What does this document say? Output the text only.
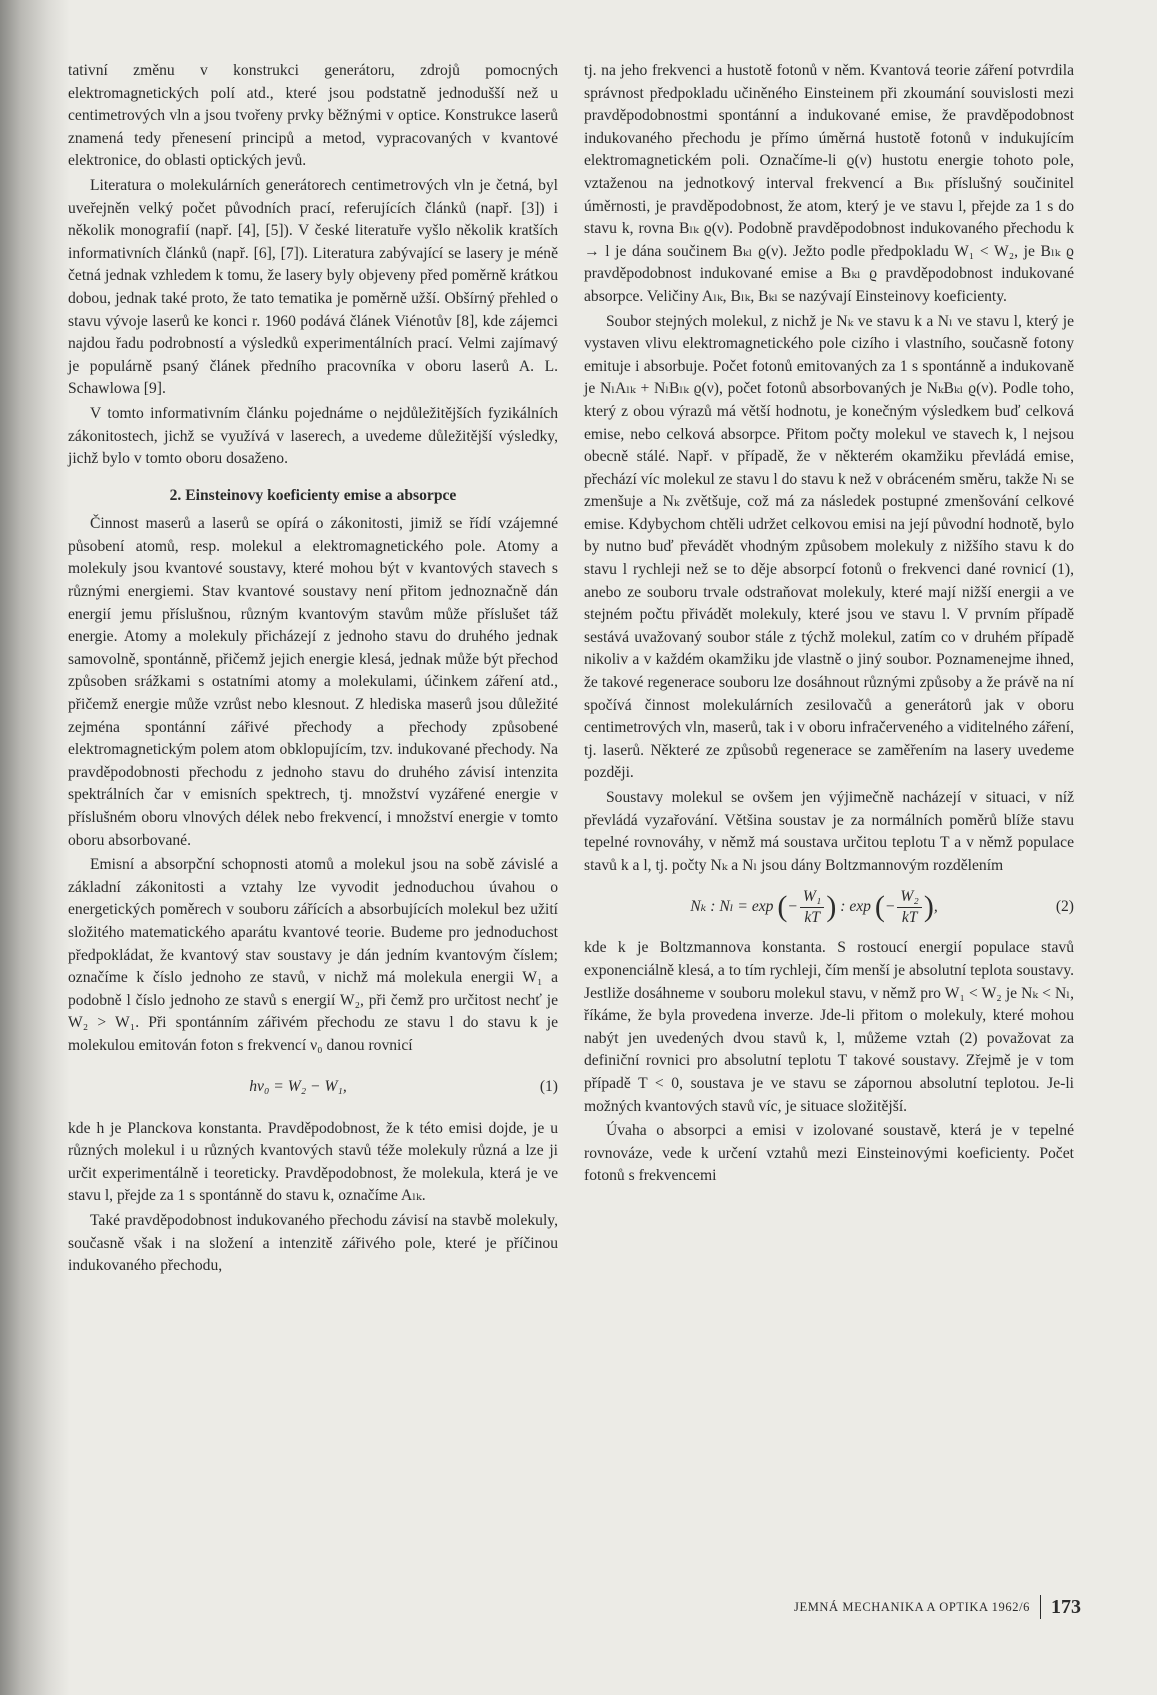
tativní změnu v konstrukci generátoru, zdrojů pomocných elektromagnetických polí atd., které jsou podstatně jednodušší než u centimetrových vln a jsou tvořeny prvky běžnými v optice. Konstrukce laserů znamená tedy přenesení principů a metod, vypracovaných v kvantové elektronice, do oblasti optických jevů.

Literatura o molekulárních generátorech centimetrových vln je četná, byl uveřejněn velký počet původních prací, referujících článků (např. [3]) i několik monografií (např. [4], [5]). V české literatuře vyšlo několik kratších informativních článků (např. [6], [7]). Literatura zabývající se lasery je méně četná jednak vzhledem k tomu, že lasery byly objeveny před poměrně krátkou dobou, jednak také proto, že tato tematika je poměrně užší. Obšírný přehled o stavu vývoje laserů ke konci r. 1960 podává článek Viénotův [8], kde zájemci najdou řadu podrobností a výsledků experimentálních prací. Velmi zajímavý je populárně psaný článek předního pracovníka v oboru laserů A. L. Schawlowa [9].

V tomto informativním článku pojednáme o nejdůležitějších fyzikálních zákonitostech, jichž se využívá v laserech, a uvedeme důležitější výsledky, jichž bylo v tomto oboru dosaženo.

2. Einsteinovy koeficienty emise a absorpce

Činnost maserů a laserů se opírá o zákonitosti, jimiž se řídí vzájemné působení atomů, resp. molekul a elektromagnetického pole. Atomy a molekuly jsou kvantové soustavy, které mohou být v kvantových stavech s různými energiemi. Stav kvantové soustavy není přitom jednoznačně dán energií jemu příslušnou, různým kvantovým stavům může příslušet táž energie. Atomy a molekuly přicházejí z jednoho stavu do druhého jednak samovolně, spontánně, přičemž jejich energie klesá, jednak může být přechod způsoben srážkami s ostatními atomy a molekulami, účinkem záření atd., přičemž energie může vzrůst nebo klesnout. Z hlediska maserů jsou důležité zejména spontánní zářivé přechody a přechody způsobené elektromagnetickým polem atom obklopujícím, tzv. indukované přechody. Na pravděpodobnosti přechodu z jednoho stavu do druhého závisí intenzita spektrálních čar v emisních spektrech, tj. množství vyzářené energie v příslušném oboru vlnových délek nebo frekvencí, i množství energie v tomto oboru absorbované.

Emisní a absorpční schopnosti atomů a molekul jsou na sobě závislé a základní zákonitosti a vztahy lze vyvodit jednoduchou úvahou o energetických poměrech v souboru zářících a absorbujících molekul bez užití složitého matematického aparátu kvantové teorie. Budeme pro jednoduchost předpokládat, že kvantový stav soustavy je dán jedním kvantovým číslem; označíme k číslo jednoho ze stavů, v nichž má molekula energii W₁ a podobně l číslo jednoho ze stavů s energií W₂, při čemž pro určitost nechť je W₂ > W₁. Při spontánním zářivém přechodu ze stavu l do stavu k je molekulou emitován foton s frekvencí ν₀ danou rovnicí

hν₀ = W₂ − W₁,	(1)

kde h je Planckova konstanta. Pravděpodobnost, že k této emisi dojde, je u různých molekul i u různých kvantových stavů téže molekuly různá a lze ji určit experimentálně i teoreticky. Pravděpodobnost, že molekula, která je ve stavu l, přejde za 1 s spontánně do stavu k, označíme Aₗₖ.

Také pravděpodobnost indukovaného přechodu závisí na stavbě molekuly, současně však i na složení a intenzitě zářivého pole, které je příčinou indukovaného přechodu,

tj. na jeho frekvenci a hustotě fotonů v něm. Kvantová teorie záření potvrdila správnost předpokladu učiněného Einsteinem při zkoumání souvislosti mezi pravděpodobnostmi spontánní a indukované emise, že pravděpodobnost indukovaného přechodu je přímo úměrná hustotě fotonů v indukujícím elektromagnetickém poli. Označíme-li ϱ(ν) hustotu energie tohoto pole, vztaženou na jednotkový interval frekvencí a Bₗₖ příslušný součinitel úměrnosti, je pravděpodobnost, že atom, který je ve stavu l, přejde za 1 s do stavu k, rovna Bₗₖ ϱ(ν). Podobně pravděpodobnost indukovaného přechodu k → l je dána součinem Bₖₗ ϱ(ν). Ježto podle předpokladu W₁ < W₂, je Bₗₖ ϱ pravděpodobnost indukované emise a Bₖₗ ϱ pravděpodobnost indukované absorpce. Veličiny Aₗₖ, Bₗₖ, Bₖₗ se nazývají Einsteinovy koeficienty.

Soubor stejných molekul, z nichž je Nₖ ve stavu k a Nₗ ve stavu l, který je vystaven vlivu elektromagnetického pole cizího i vlastního, současně fotony emituje i absorbuje. Počet fotonů emitovaných za 1 s spontánně a indukovaně je NₗAₗₖ + NₗBₗₖ ϱ(ν), počet fotonů absorbovaných je NₖBₖₗ ϱ(ν). Podle toho, který z obou výrazů má větší hodnotu, je konečným výsledkem buď celková emise, nebo celková absorpce. Přitom počty molekul ve stavech k, l nejsou obecně stálé. Např. v případě, že v některém okamžiku převládá emise, přechází víc molekul ze stavu l do stavu k než v obráceném směru, takže Nₗ se zmenšuje a Nₖ zvětšuje, což má za následek postupné zmenšování celkové emise. Kdybychom chtěli udržet celkovou emisi na její původní hodnotě, bylo by nutno buď převádět vhodným způsobem molekuly z nižšího stavu k do stavu l rychleji než se to děje absorpcí fotonů o frekvenci dané rovnicí (1), anebo ze souboru trvale odstraňovat molekuly, které mají nižší energii a ve stejném počtu přivádět molekuly, které jsou ve stavu l. V prvním případě sestává uvažovaný soubor stále z týchž molekul, zatím co v druhém případě nikoliv a v každém okamžiku jde vlastně o jiný soubor. Poznamenejme ihned, že takové regenerace souboru lze dosáhnout různými způsoby a že právě na ní spočívá činnost molekulárních zesilovačů a generátorů jak v oboru centimetrových vln, maserů, tak i v oboru infračerveného a viditelného záření, tj. laserů. Některé ze způsobů regenerace se zaměřením na lasery uvedeme později.

Soustavy molekul se ovšem jen výjimečně nacházejí v situaci, v níž převládá vyzařování. Většina soustav je za normálních poměrů blíže stavu tepelné rovnováhy, v němž má soustava určitou teplotu T a v němž populace stavů k a l, tj. počty Nₖ a Nₗ jsou dány Boltzmannovým rozdělením

Nₖ : Nₗ = exp (− $\frac{\text{W₁}}{kT}$ ) : exp (− $\frac{\text{W₂}}{kT}$ ),	(2)

kde k je Boltzmannova konstanta. S rostoucí energií populace stavů exponenciálně klesá, a to tím rychleji, čím menší je absolutní teplota soustavy. Jestliže dosáhneme v souboru molekul stavu, v němž pro W₁ < W₂ je Nₖ < Nₗ, říkáme, že byla provedena inverze. Jde-li přitom o molekuly, které mohou nabýt jen uvedených dvou stavů k, l, můžeme vztah (2) považovat za definiční rovnici pro absolutní teplotu T takové soustavy. Zřejmě je v tom případě T < 0, soustava je ve stavu se zápornou absolutní teplotou. Je-li možných kvantových stavů víc, je situace složitější.

Úvaha o absorpci a emisi v izolované soustavě, která je v tepelné rovnováze, vede k určení vztahů mezi Einsteinovými koeficienty. Počet fotonů s frekvencemi

JEMNÁ MECHANIKA A OPTIKA 1962/6 173
